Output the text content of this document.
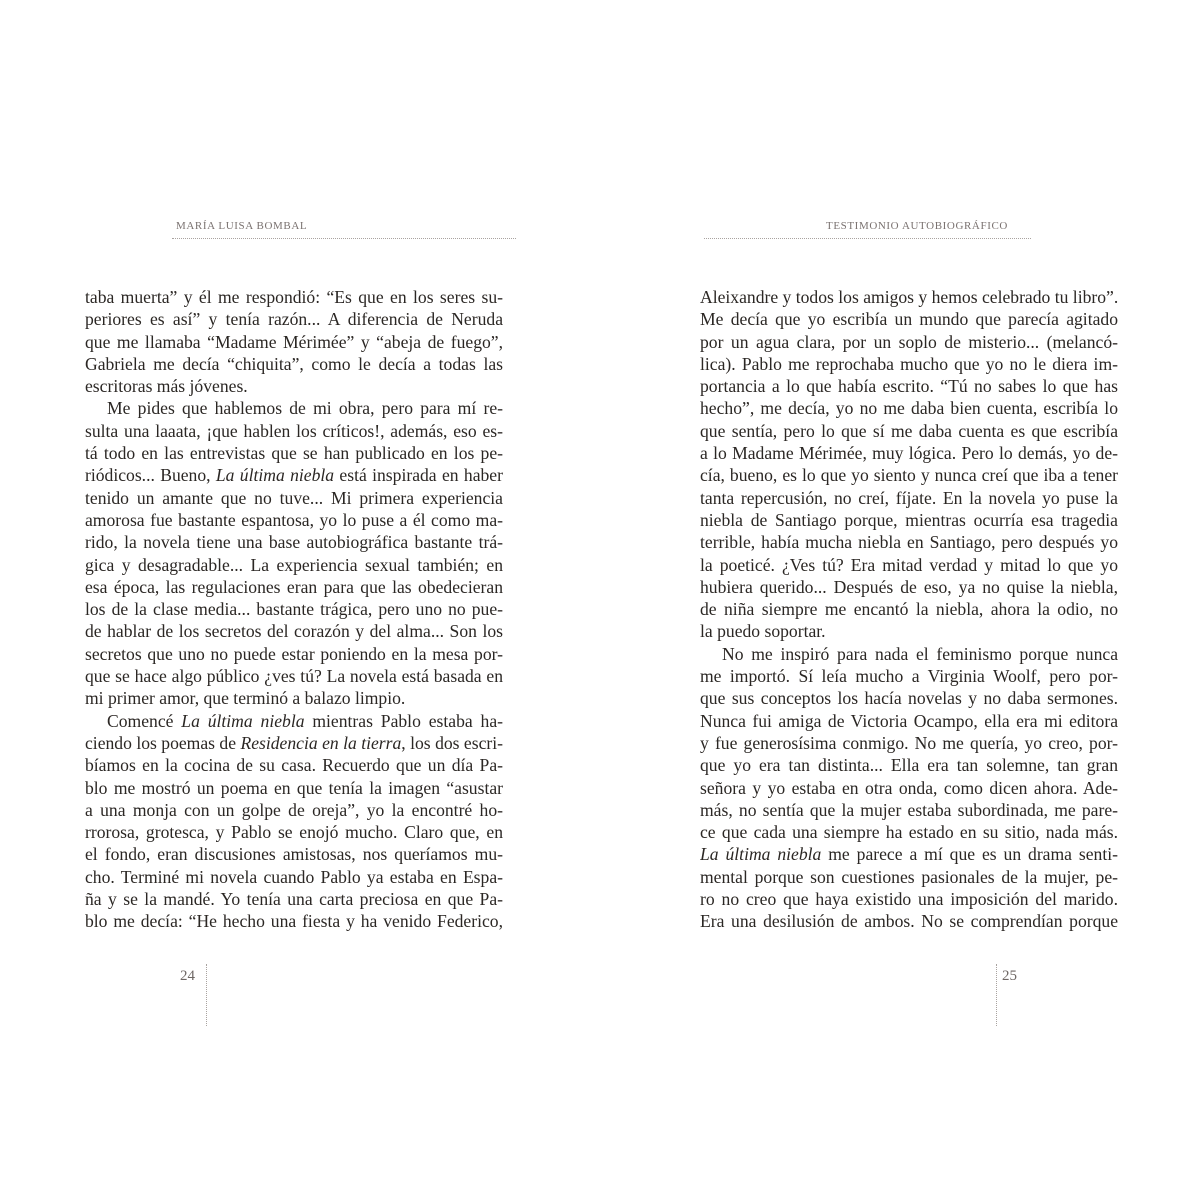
MARÍA LUISA BOMBAL
taba muerta” y él me respondió: “Es que en los seres su-
periores es así” y tenía razón... A diferencia de Neruda
que me llamaba “Madame Mérimée” y “abeja de fuego”,
Gabriela me decía “chiquita”, como le decía a todas las
escritoras más jóvenes.
Me pides que hablemos de mi obra, pero para mí re-
sulta una laaata, ¡que hablen los críticos!, además, eso es-
tá todo en las entrevistas que se han publicado en los pe-
riódicos... Bueno, La última niebla está inspirada en haber
tenido un amante que no tuve... Mi primera experiencia
amorosa fue bastante espantosa, yo lo puse a él como ma-
rido, la novela tiene una base autobiográfica bastante trá-
gica y desagradable... La experiencia sexual también; en
esa época, las regulaciones eran para que las obedecieran
los de la clase media... bastante trágica, pero uno no pue-
de hablar de los secretos del corazón y del alma... Son los
secretos que uno no puede estar poniendo en la mesa por-
que se hace algo público ¿ves tú? La novela está basada en
mi primer amor, que terminó a balazo limpio.
Comencé La última niebla mientras Pablo estaba ha-
ciendo los poemas de Residencia en la tierra, los dos escri-
bíamos en la cocina de su casa. Recuerdo que un día Pa-
blo me mostró un poema en que tenía la imagen “asustar
a una monja con un golpe de oreja”, yo la encontré ho-
rrorosa, grotesca, y Pablo se enojó mucho. Claro que, en
el fondo, eran discusiones amistosas, nos queríamos mu-
cho. Terminé mi novela cuando Pablo ya estaba en Espa-
ña y se la mandé. Yo tenía una carta preciosa en que Pa-
blo me decía: “He hecho una fiesta y ha venido Federico,
24
TESTIMONIO AUTOBIOGRÁFICO
Aleixandre y todos los amigos y hemos celebrado tu libro”.
Me decía que yo escribía un mundo que parecía agitado
por un agua clara, por un soplo de misterio... (melancó-
lica). Pablo me reprochaba mucho que yo no le diera im-
portancia a lo que había escrito. “Tú no sabes lo que has
hecho”, me decía, yo no me daba bien cuenta, escribía lo
que sentía, pero lo que sí me daba cuenta es que escribía
a lo Madame Mérimée, muy lógica. Pero lo demás, yo de-
cía, bueno, es lo que yo siento y nunca creí que iba a tener
tanta repercusión, no creí, fíjate. En la novela yo puse la
niebla de Santiago porque, mientras ocurría esa tragedia
terrible, había mucha niebla en Santiago, pero después yo
la poeticé. ¿Ves tú? Era mitad verdad y mitad lo que yo
hubiera querido... Después de eso, ya no quise la niebla,
de niña siempre me encantó la niebla, ahora la odio, no
la puedo soportar.
No me inspiró para nada el feminismo porque nunca
me importó. Sí leía mucho a Virginia Woolf, pero por-
que sus conceptos los hacía novelas y no daba sermones.
Nunca fui amiga de Victoria Ocampo, ella era mi editora
y fue generosísima conmigo. No me quería, yo creo, por-
que yo era tan distinta... Ella era tan solemne, tan gran
señora y yo estaba en otra onda, como dicen ahora. Ade-
más, no sentía que la mujer estaba subordinada, me pare-
ce que cada una siempre ha estado en su sitio, nada más.
La última niebla me parece a mí que es un drama senti-
mental porque son cuestiones pasionales de la mujer, pe-
ro no creo que haya existido una imposición del marido.
Era una desilusión de ambos. No se comprendían porque
25
